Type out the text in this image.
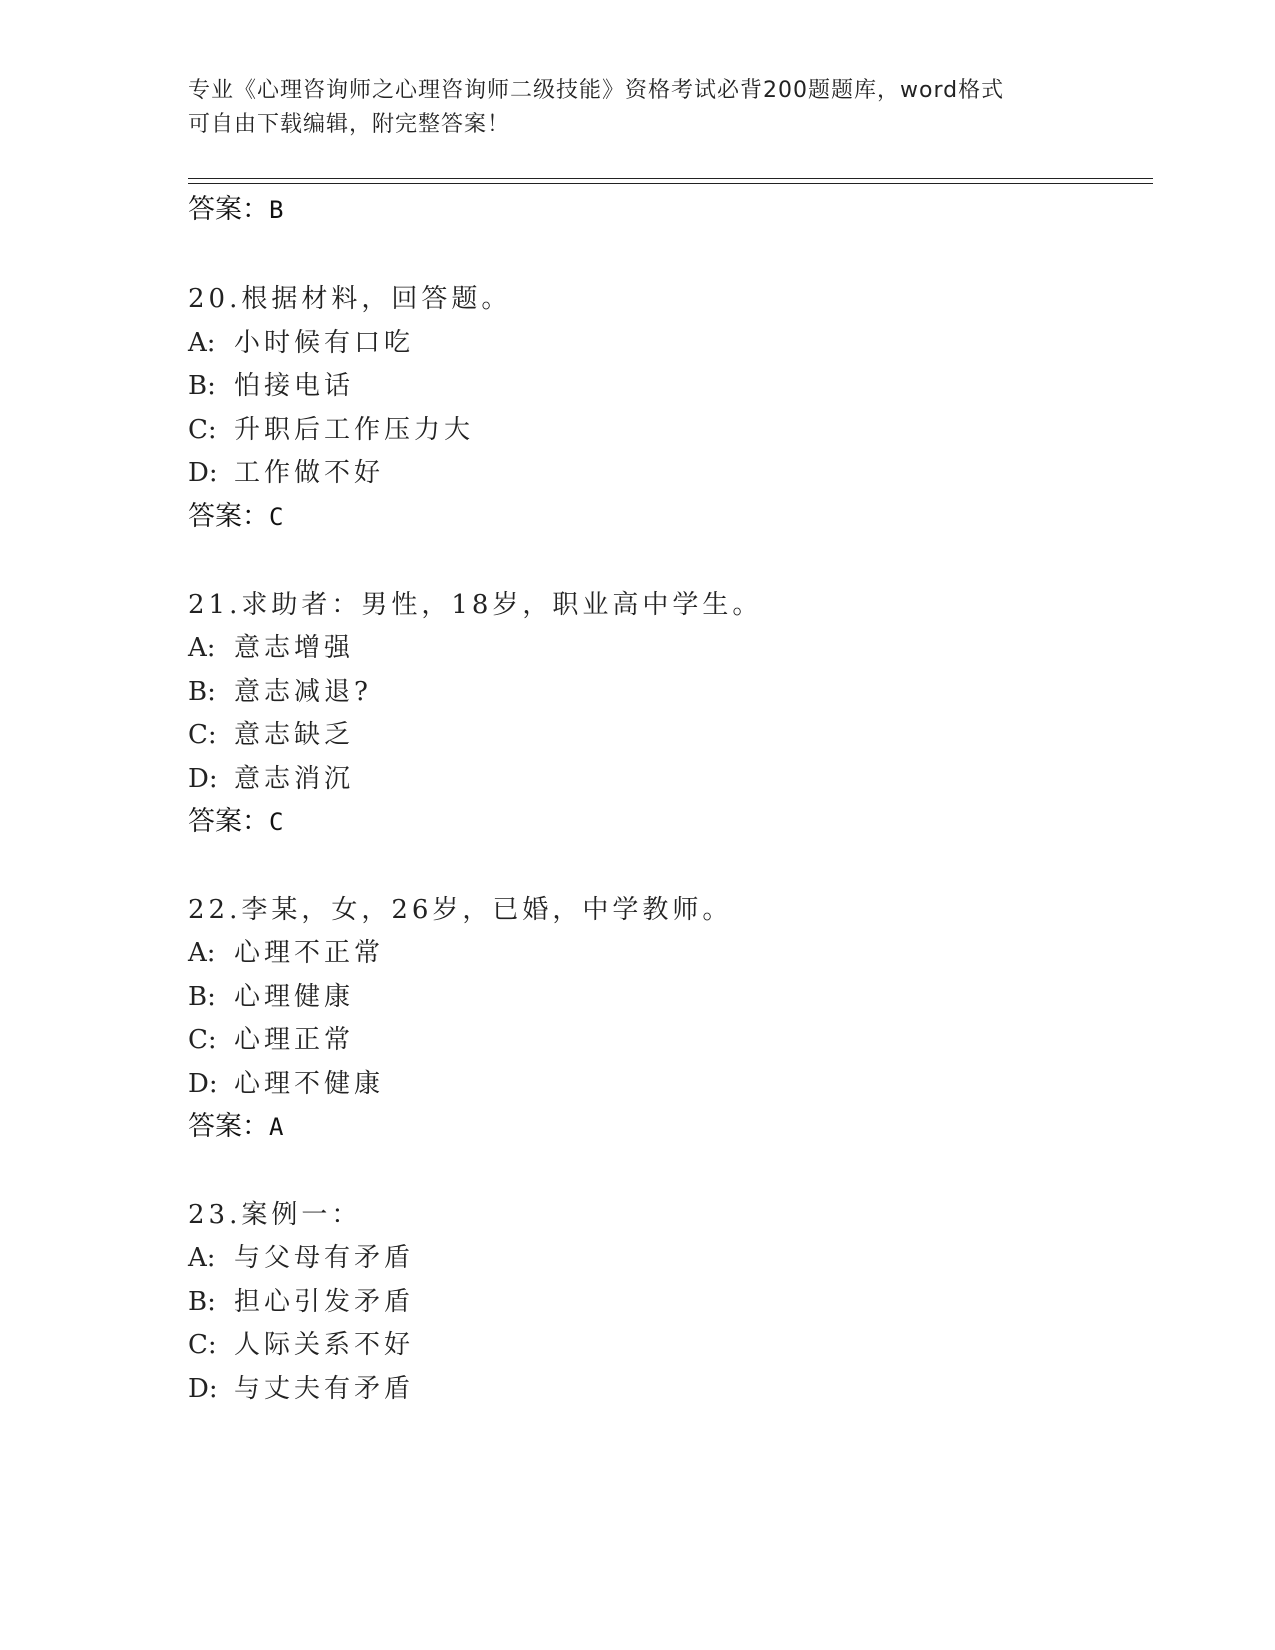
专业《心理咨询师之心理咨询师二级技能》资格考试必背200题题库，word格式
可自由下载编辑，附完整答案！
答案：B
20.根据材料，回答题。
A: 小时候有口吃
B: 怕接电话
C: 升职后工作压力大
D: 工作做不好
答案：C
21.求助者：男性，18岁，职业高中学生。
A: 意志增强
B: 意志减退?
C: 意志缺乏
D: 意志消沉
答案：C
22.李某，女，26岁，已婚，中学教师。
A: 心理不正常
B: 心理健康
C: 心理正常
D: 心理不健康
答案：A
23.案例一：
A: 与父母有矛盾
B: 担心引发矛盾
C: 人际关系不好
D: 与丈夫有矛盾
